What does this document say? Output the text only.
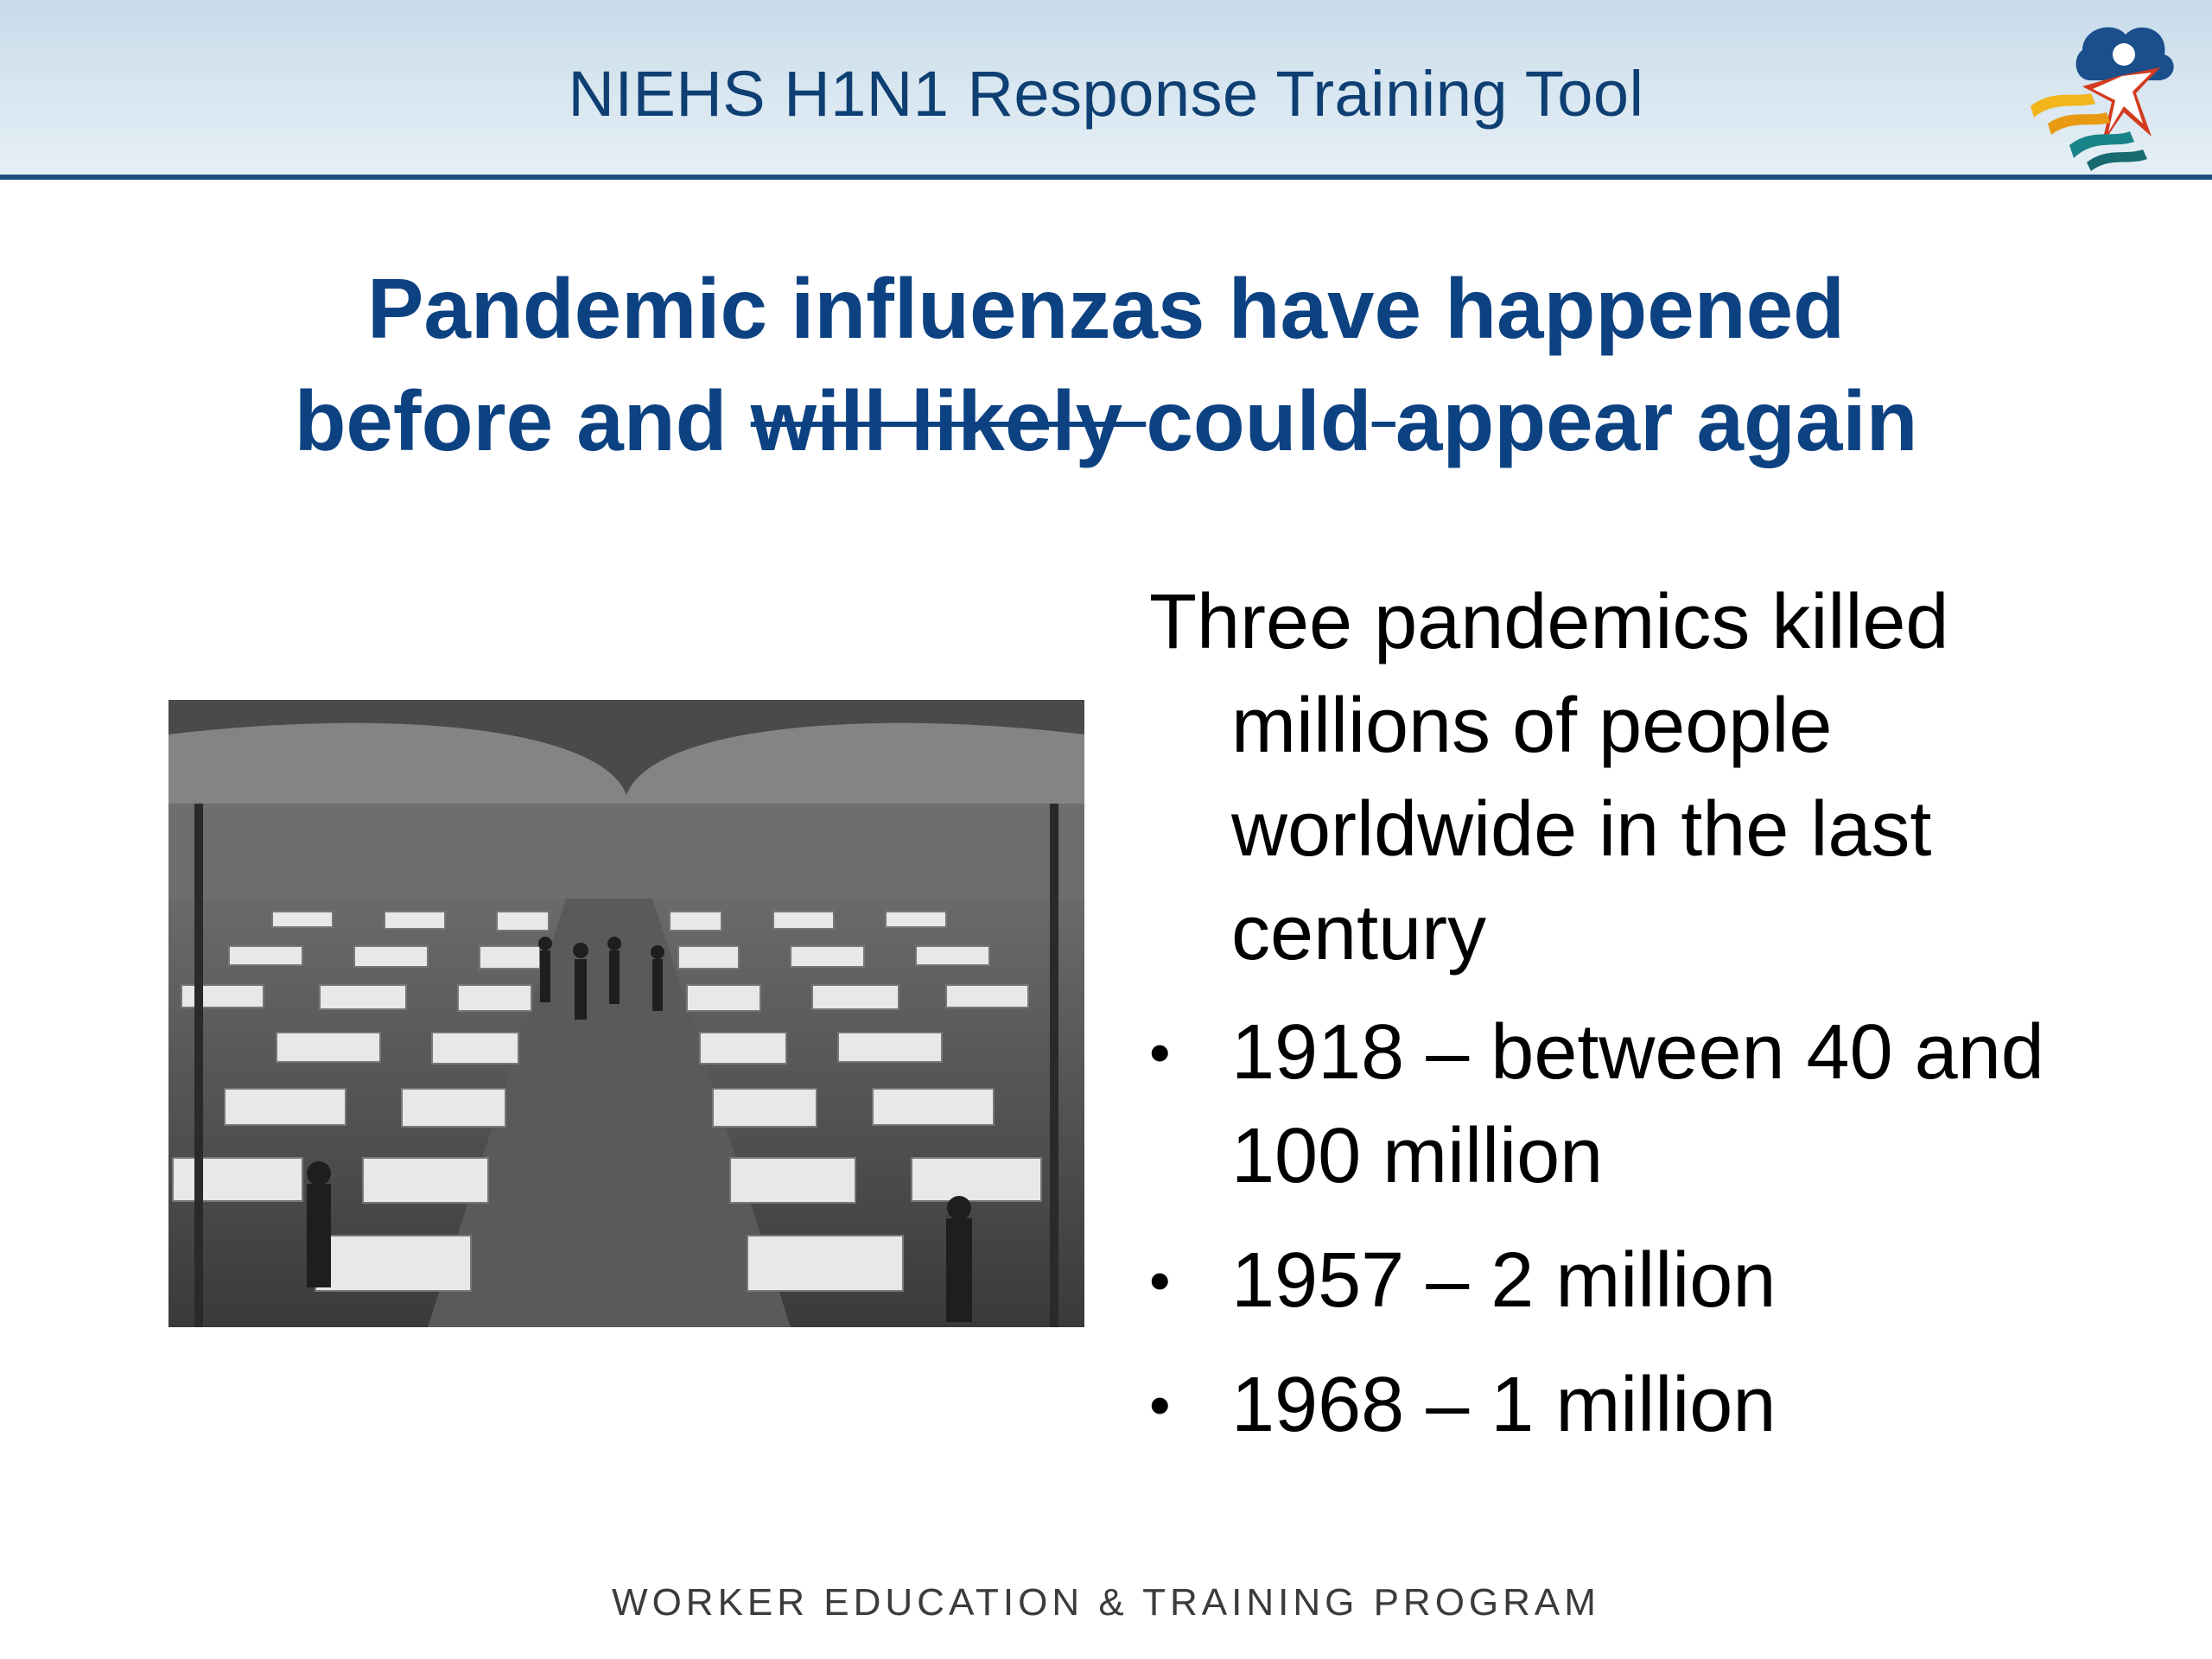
NIEHS H1N1 Response Training Tool
Pandemic influenzas have happened
before and will likely could appear again
Three pandemics killed millions of people worldwide in the last century
• 1918 – between 40 and 100 million
• 1957 – 2 million
• 1968 – 1 million
WORKER EDUCATION & TRAINING PROGRAM
